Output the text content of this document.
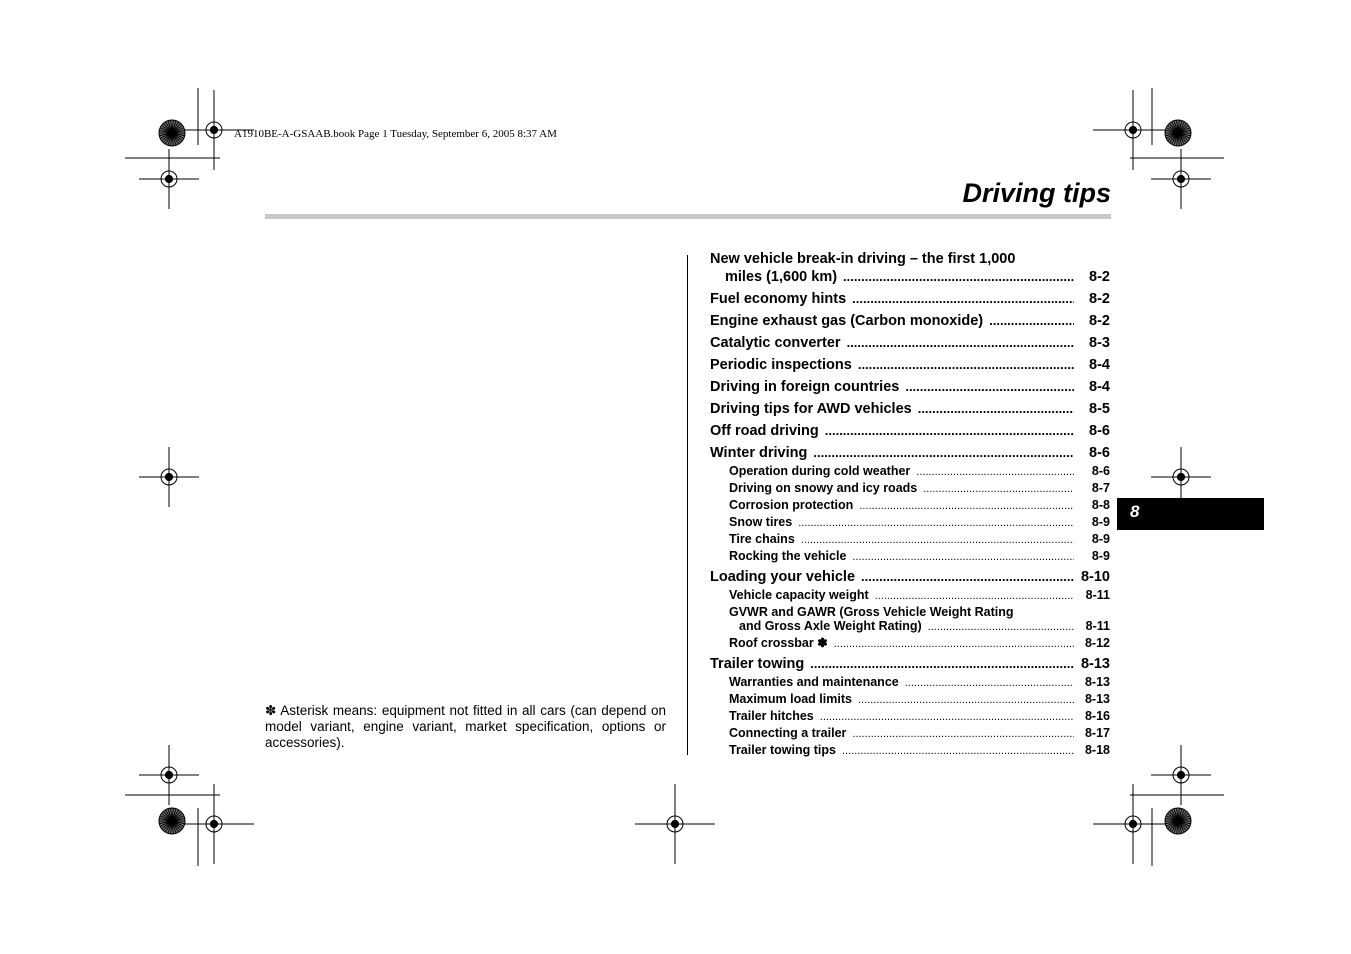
A1910BE-A-GSAAB.book Page 1 Tuesday, September 6, 2005 8:37 AM
Driving tips
8
✽ Asterisk means: equipment not fitted in all cars (can depend on model variant, engine variant, market specification, options or accessories).
New vehicle break-in driving – the first 1,000
miles (1,600 km) .....	8-2
Fuel economy hints .....	8-2
Engine exhaust gas (Carbon monoxide) .....	8-2
Catalytic converter .....	8-3
Periodic inspections .....	8-4
Driving in foreign countries .....	8-4
Driving tips for AWD vehicles .....	8-5
Off road driving .....	8-6
Winter driving .....	8-6
Operation during cold weather .....	8-6
Driving on snowy and icy roads .....	8-7
Corrosion protection .....	8-8
Snow tires .....	8-9
Tire chains .....	8-9
Rocking the vehicle .....	8-9
Loading your vehicle .....	8-10
Vehicle capacity weight .....	8-11
GVWR and GAWR (Gross Vehicle Weight Rating
and Gross Axle Weight Rating) .....	8-11
Roof crossbar ✽ .....	8-12
Trailer towing .....	8-13
Warranties and maintenance .....	8-13
Maximum load limits .....	8-13
Trailer hitches .....	8-16
Connecting a trailer .....	8-17
Trailer towing tips .....	8-18
